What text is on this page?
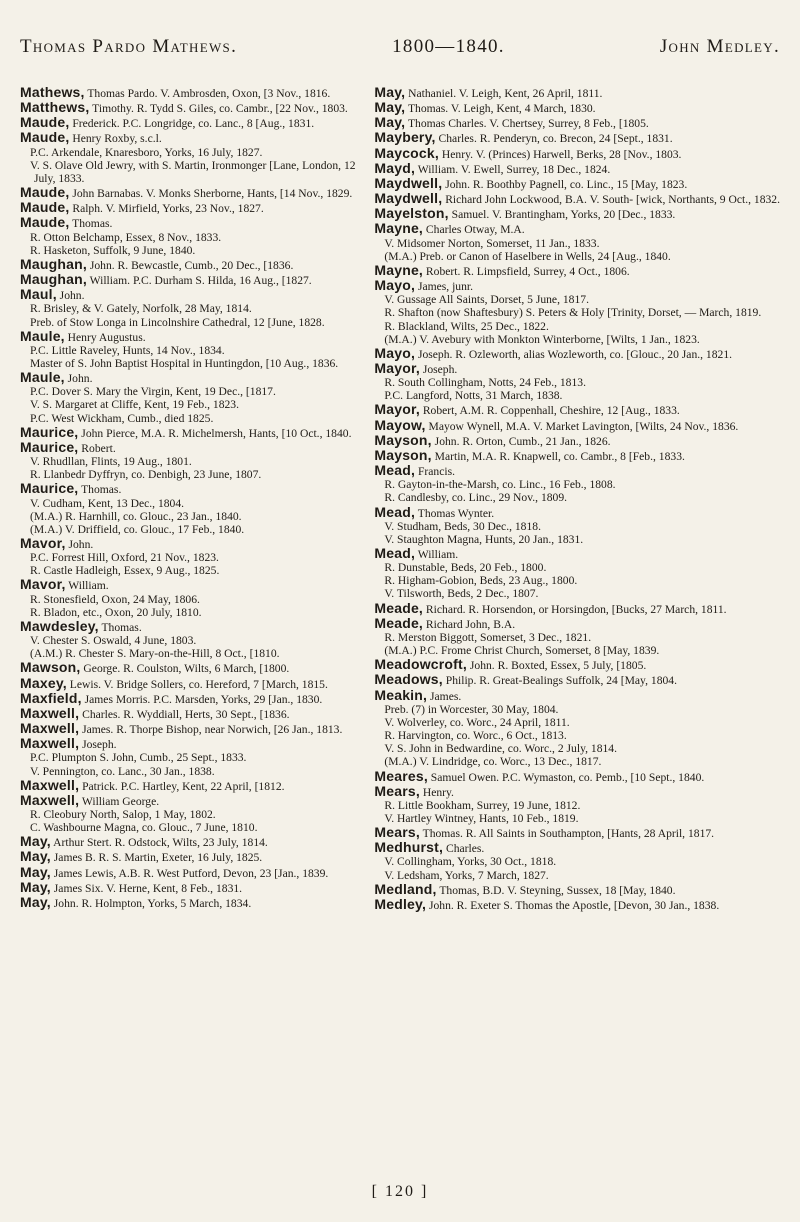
Thomas Pardo Mathews.	1800—1840.	John Medley.
Mathews, Thomas Pardo. V. Ambrosden, Oxon, [3 Nov., 1816.
Matthews, Timothy. R. Tydd S. Giles, co. Cambr., [22 Nov., 1803.
Maude, Frederick. P.C. Longridge, co. Lanc., 8 [Aug., 1831.
Maude, Henry Roxby, s.c.l.
P.C. Arkendale, Knaresboro, Yorks, 16 July, 1827.
V. S. Olave Old Jewry, with S. Martin, Ironmonger [Lane, London, 12 July, 1833.
Maude, John Barnabas. V. Monks Sherborne, Hants, [14 Nov., 1829.
Maude, Ralph. V. Mirfield, Yorks, 23 Nov., 1827.
Maude, Thomas.
R. Otton Belchamp, Essex, 8 Nov., 1833.
R. Hasketon, Suffolk, 9 June, 1840.
Maughan, John. R. Bewcastle, Cumb., 20 Dec., [1836.
Maughan, William. P.C. Durham S. Hilda, 16 Aug., [1827.
Maul, John.
R. Brisley, & V. Gately, Norfolk, 28 May, 1814.
Preb. of Stow Longa in Lincolnshire Cathedral, 12 [June, 1828.
Maule, Henry Augustus.
P.C. Little Raveley, Hunts, 14 Nov., 1834.
Master of S. John Baptist Hospital in Huntingdon, [10 Aug., 1836.
Maule, John.
P.C. Dover S. Mary the Virgin, Kent, 19 Dec., [1817.
V. S. Margaret at Cliffe, Kent, 19 Feb., 1823.
P.C. West Wickham, Cumb., died 1825.
Maurice, John Pierce, M.A. R. Michelmersh, Hants, [10 Oct., 1840.
Maurice, Robert.
V. Rhudllan, Flints, 19 Aug., 1801.
R. Llanbedr Dyffryn, co. Denbigh, 23 June, 1807.
Maurice, Thomas.
V. Cudham, Kent, 13 Dec., 1804.
(M.A.) R. Harnhill, co. Glouc., 23 Jan., 1840.
(M.A.) V. Driffield, co. Glouc., 17 Feb., 1840.
Mavor, John.
P.C. Forrest Hill, Oxford, 21 Nov., 1823.
R. Castle Hadleigh, Essex, 9 Aug., 1825.
Mavor, William.
R. Stonesfield, Oxon, 24 May, 1806.
R. Bladon, etc., Oxon, 20 July, 1810.
Mawdesley, Thomas.
V. Chester S. Oswald, 4 June, 1803.
(A.M.) R. Chester S. Mary-on-the-Hill, 8 Oct., [1810.
Mawson, George. R. Coulston, Wilts, 6 March, [1800.
Maxey, Lewis. V. Bridge Sollers, co. Hereford, 7 [March, 1815.
Maxfield, James Morris. P.C. Marsden, Yorks, 29 [Jan., 1830.
Maxwell, Charles. R. Wyddiall, Herts, 30 Sept., [1836.
Maxwell, James. R. Thorpe Bishop, near Norwich, [26 Jan., 1813.
Maxwell, Joseph.
P.C. Plumpton S. John, Cumb., 25 Sept., 1833.
V. Pennington, co. Lanc., 30 Jan., 1838.
Maxwell, Patrick. P.C. Hartley, Kent, 22 April, [1812.
Maxwell, William George.
R. Cleobury North, Salop, 1 May, 1802.
C. Washbourne Magna, co. Glouc., 7 June, 1810.
May, Arthur Stert. R. Odstock, Wilts, 23 July, 1814.
May, James B. R. S. Martin, Exeter, 16 July, 1825.
May, James Lewis, A.B. R. West Putford, Devon, 23 [Jan., 1839.
May, James Six. V. Herne, Kent, 8 Feb., 1831.
May, John. R. Holmpton, Yorks, 5 March, 1834.
May, Nathaniel. V. Leigh, Kent, 26 April, 1811.
May, Thomas. V. Leigh, Kent, 4 March, 1830.
May, Thomas Charles. V. Chertsey, Surrey, 8 Feb., [1805.
Maybery, Charles. R. Penderyn, co. Brecon, 24 [Sept., 1831.
Maycock, Henry. V. (Princes) Harwell, Berks, 28 [Nov., 1803.
Mayd, William. V. Ewell, Surrey, 18 Dec., 1824.
Maydwell, John. R. Boothby Pagnell, co. Linc., 15 [May, 1823.
Maydwell, Richard John Lockwood, B.A. V. South- [wick, Northants, 9 Oct., 1832.
Mayelston, Samuel. V. Brantingham, Yorks, 20 [Dec., 1833.
Mayne, Charles Otway, M.A.
V. Midsomer Norton, Somerset, 11 Jan., 1833.
(M.A.) Preb. or Canon of Haselbere in Wells, 24 [Aug., 1840.
Mayne, Robert. R. Limpsfield, Surrey, 4 Oct., 1806.
Mayo, James, junr.
V. Gussage All Saints, Dorset, 5 June, 1817.
R. Shafton (now Shaftesbury) S. Peters & Holy [Trinity, Dorset, — March, 1819.
R. Blackland, Wilts, 25 Dec., 1822.
(M.A.) V. Avebury with Monkton Winterborne, [Wilts, 1 Jan., 1823.
Mayo, Joseph. R. Ozleworth, alias Wozleworth, co. [Glouc., 20 Jan., 1821.
Mayor, Joseph.
R. South Collingham, Notts, 24 Feb., 1813.
P.C. Langford, Notts, 31 March, 1838.
Mayor, Robert, A.M. R. Coppenhall, Cheshire, 12 [Aug., 1833.
Mayow, Mayow Wynell, M.A. V. Market Lavington, [Wilts, 24 Nov., 1836.
Mayson, John. R. Orton, Cumb., 21 Jan., 1826.
Mayson, Martin, M.A. R. Knapwell, co. Cambr., 8 [Feb., 1833.
Mead, Francis.
R. Gayton-in-the-Marsh, co. Linc., 16 Feb., 1808.
R. Candlesby, co. Linc., 29 Nov., 1809.
Mead, Thomas Wynter.
V. Studham, Beds, 30 Dec., 1818.
V. Staughton Magna, Hunts, 20 Jan., 1831.
Mead, William.
R. Dunstable, Beds, 20 Feb., 1800.
R. Higham-Gobion, Beds, 23 Aug., 1800.
V. Tilsworth, Beds, 2 Dec., 1807.
Meade, Richard. R. Horsendon, or Horsingdon, [Bucks, 27 March, 1811.
Meade, Richard John, B.A.
R. Merston Biggott, Somerset, 3 Dec., 1821.
(M.A.) P.C. Frome Christ Church, Somerset, 8 [May, 1839.
Meadowcroft, John. R. Boxted, Essex, 5 July, [1805.
Meadows, Philip. R. Great-Bealings Suffolk, 24 [May, 1804.
Meakin, James.
Preb. (7) in Worcester, 30 May, 1804.
V. Wolverley, co. Worc., 24 April, 1811.
R. Harvington, co. Worc., 6 Oct., 1813.
V. S. John in Bedwardine, co. Worc., 2 July, 1814.
(M.A.) V. Lindridge, co. Worc., 13 Dec., 1817.
Meares, Samuel Owen. P.C. Wymaston, co. Pemb., [10 Sept., 1840.
Mears, Henry.
R. Little Bookham, Surrey, 19 June, 1812.
V. Hartley Wintney, Hants, 10 Feb., 1819.
Mears, Thomas. R. All Saints in Southampton, [Hants, 28 April, 1817.
Medhurst, Charles.
V. Collingham, Yorks, 30 Oct., 1818.
V. Ledsham, Yorks, 7 March, 1827.
Medland, Thomas, B.D. V. Steyning, Sussex, 18 [May, 1840.
Medley, John. R. Exeter S. Thomas the Apostle, [Devon, 30 Jan., 1838.
[ 120 ]
